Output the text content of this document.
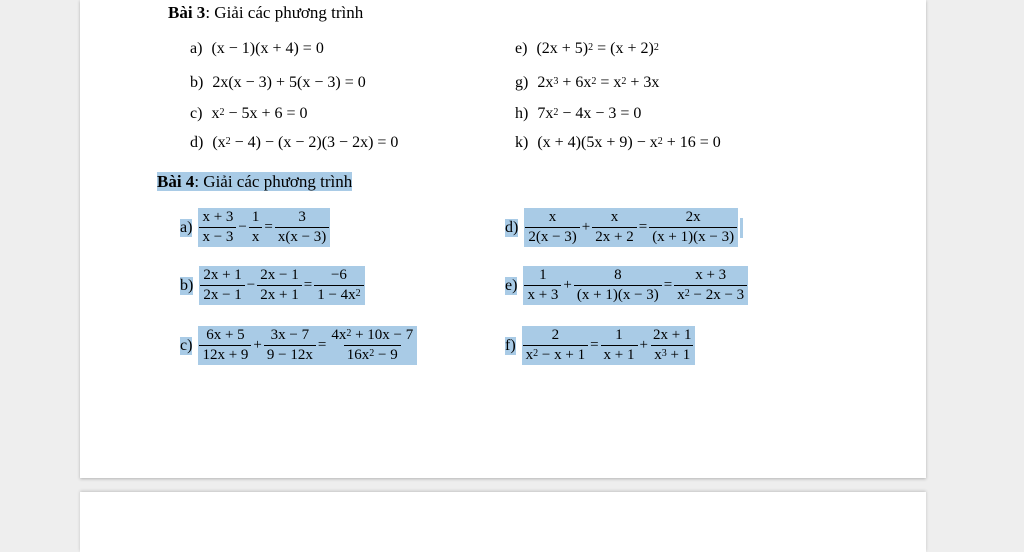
Bài 3: Giải các phương trình
a) (x − 1)(x + 4) = 0
b) 2x(x − 3) + 5(x − 3) = 0
c) $x^2 - 5x + 6 = 0$
d) $(x^2 - 4) - (x - 2)(3 - 2x) = 0$
e) $(2x + 5)^2 = (x + 2)^2$
g) $2x^3 + 6x^2 = x^2 + 3x$
h) $7x^2 - 4x - 3 = 0$
k) $(x + 4)(5x + 9) - x^2 + 16 = 0$
Bài 4: Giải các phương trình
$a) \frac{x + 3}{x - 3} - \frac{1}{x} = \frac{3}{x(x - 3)}$
$b) \frac{2x + 1}{2x - 1} - \frac{2x - 1}{2x + 1} = \frac{-6}{1 - 4x^2}$
$c) \frac{6x + 5}{12x + 9} + \frac{3x - 7}{9 - 12x} = \frac{4x^2 + 10x - 7}{16x^2 - 9}$
$d) \frac{x}{2(x - 3)} + \frac{x}{2x + 2} = \frac{2x}{(x + 1)(x - 3)}$
$e) \frac{1}{x + 3} + \frac{8}{(x + 1)(x - 3)} = \frac{x + 3}{x^2 - 2x - 3}$
$f) \frac{2}{x^2 - x + 1} = \frac{1}{x + 1} + \frac{2x + 1}{x^3 + 1}$
